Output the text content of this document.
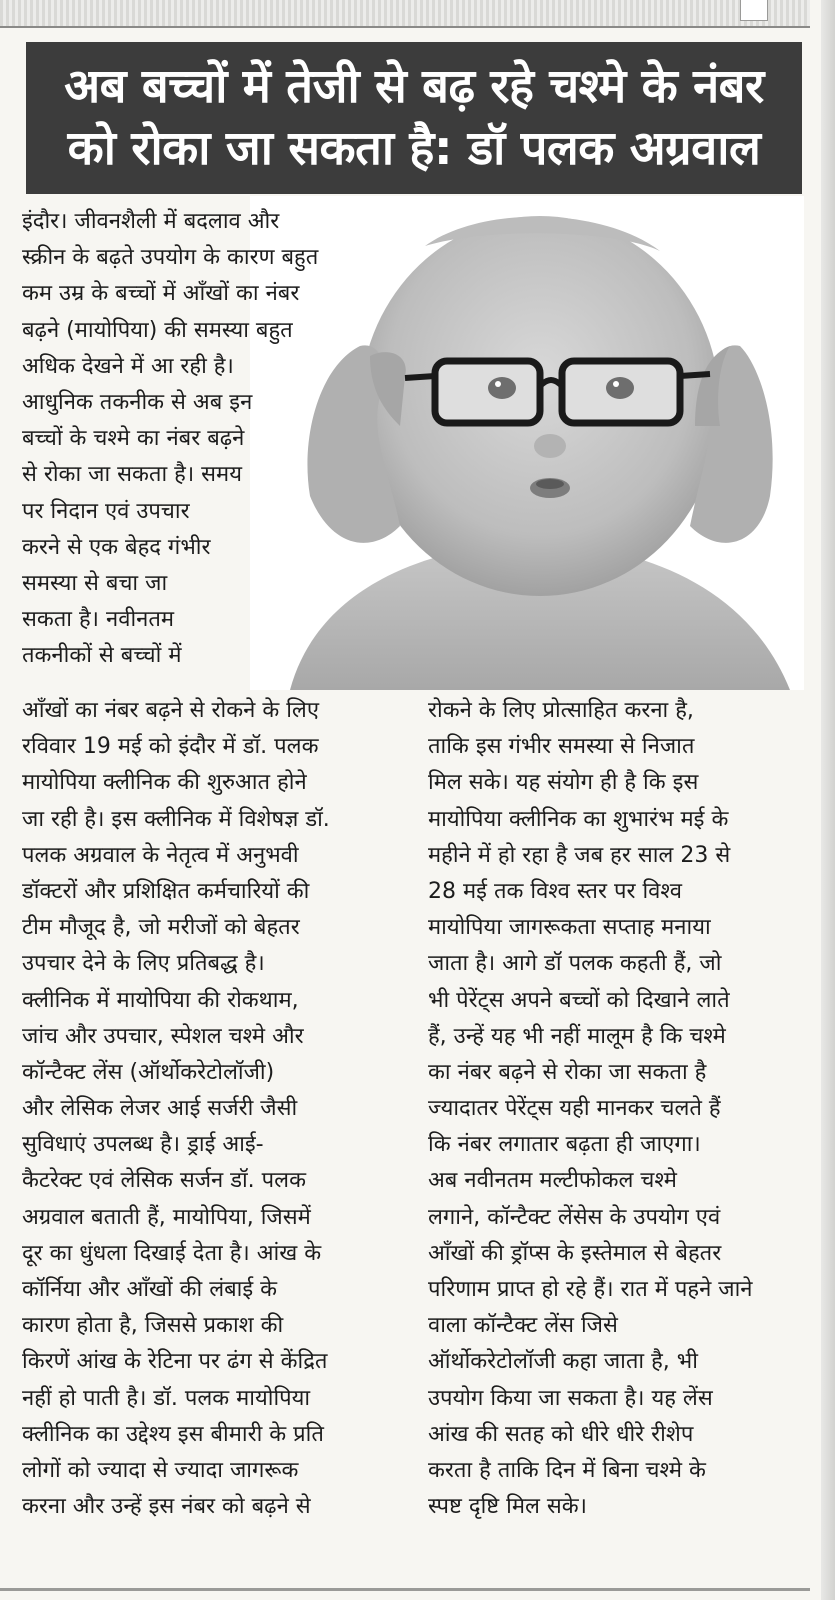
अब बच्चों में तेजी से बढ़ रहे चश्मे के नंबर
को रोका जा सकता है: डॉ पलक अग्रवाल
इंदौर। जीवनशैली में बदलाव और
स्क्रीन के बढ़ते उपयोग के कारण बहुत
कम उम्र के बच्चों में आँखों का नंबर
बढ़ने (मायोपिया) की समस्या बहुत
अधिक देखने में आ रही है।
आधुनिक तकनीक से अब इन
बच्चों के चश्मे का नंबर बढ़ने
से रोका जा सकता है। समय
पर निदान एवं उपचार
करने से एक बेहद गंभीर
समस्या से बचा जा
सकता है। नवीनतम
तकनीकों से बच्चों में
आँखों का नंबर बढ़ने से रोकने के लिए
रविवार 19 मई को इंदौर में डॉ. पलक
मायोपिया क्लीनिक की शुरुआत होने
जा रही है। इस क्लीनिक में विशेषज्ञ डॉ.
पलक अग्रवाल के नेतृत्व में अनुभवी
डॉक्टरों और प्रशिक्षित कर्मचारियों की
टीम मौजूद है, जो मरीजों को बेहतर
उपचार देने के लिए प्रतिबद्ध है।
क्लीनिक में मायोपिया की रोकथाम,
जांच और उपचार, स्पेशल चश्मे और
कॉन्टैक्ट लेंस (ऑर्थोकरेटोलॉजी)
और लेसिक लेजर आई सर्जरी जैसी
सुविधाएं उपलब्ध है। ड्राई आई-
कैटरेक्ट एवं लेसिक सर्जन डॉ. पलक
अग्रवाल बताती हैं, मायोपिया, जिसमें
दूर का धुंधला दिखाई देता है। आंख के
कॉर्निया और आँखों की लंबाई के
कारण होता है, जिससे प्रकाश की
किरणें आंख के रेटिना पर ढंग से केंद्रित
नहीं हो पाती है। डॉ. पलक मायोपिया
क्लीनिक का उद्देश्य इस बीमारी के प्रति
लोगों को ज्यादा से ज्यादा जागरूक
करना और उन्हें इस नंबर को बढ़ने से
रोकने के लिए प्रोत्साहित करना है,
ताकि इस गंभीर समस्या से निजात
मिल सके। यह संयोग ही है कि इस
मायोपिया क्लीनिक का शुभारंभ मई के
महीने में हो रहा है जब हर साल 23 से
28 मई तक विश्व स्तर पर विश्व
मायोपिया जागरूकता सप्ताह मनाया
जाता है। आगे डॉ पलक कहती हैं, जो
भी पेरेंट्स अपने बच्चों को दिखाने लाते
हैं, उन्हें यह भी नहीं मालूम है कि चश्मे
का नंबर बढ़ने से रोका जा सकता है
ज्यादातर पेरेंट्स यही मानकर चलते हैं
कि नंबर लगातार बढ़ता ही जाएगा।
अब नवीनतम मल्टीफोकल चश्मे
लगाने, कॉन्टैक्ट लेंसेस के उपयोग एवं
आँखों की ड्रॉप्स के इस्तेमाल से बेहतर
परिणाम प्राप्त हो रहे हैं। रात में पहने जाने
वाला कॉन्टैक्ट लेंस जिसे
ऑर्थोकरेटोलॉजी कहा जाता है, भी
उपयोग किया जा सकता है। यह लेंस
आंख की सतह को धीरे धीरे रीशेप
करता है ताकि दिन में बिना चश्मे के
स्पष्ट दृष्टि मिल सके।
